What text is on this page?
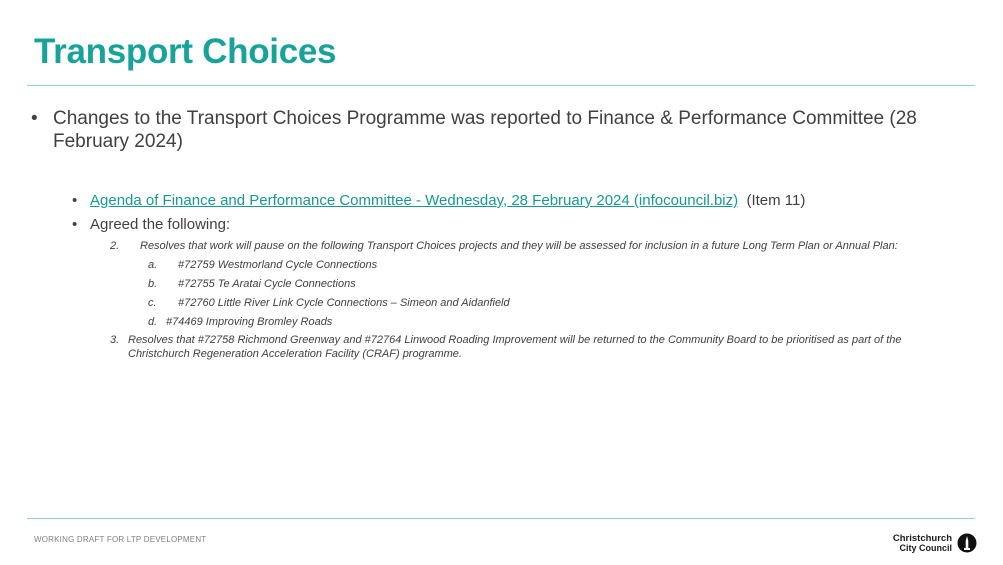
Transport Choices
• Changes to the Transport Choices Programme was reported to Finance & Performance Committee (28 February 2024)
• Agenda of Finance and Performance Committee - Wednesday, 28 February 2024 (infocouncil.biz) (Item 11)
• Agreed the following:
2. Resolves that work will pause on the following Transport Choices projects and they will be assessed for inclusion in a future Long Term Plan or Annual Plan:
a. #72759 Westmorland Cycle Connections
b. #72755 Te Aratai Cycle Connections
c. #72760 Little River Link Cycle Connections – Simeon and Aidanfield
d. #74469 Improving Bromley Roads
3. Resolves that #72758 Richmond Greenway and #72764 Linwood Roading Improvement will be returned to the Community Board to be prioritised as part of the Christchurch Regeneration Acceleration Facility (CRAF) programme.
WORKING DRAFT FOR LTP DEVELOPMENT	Christchurch
City Council
